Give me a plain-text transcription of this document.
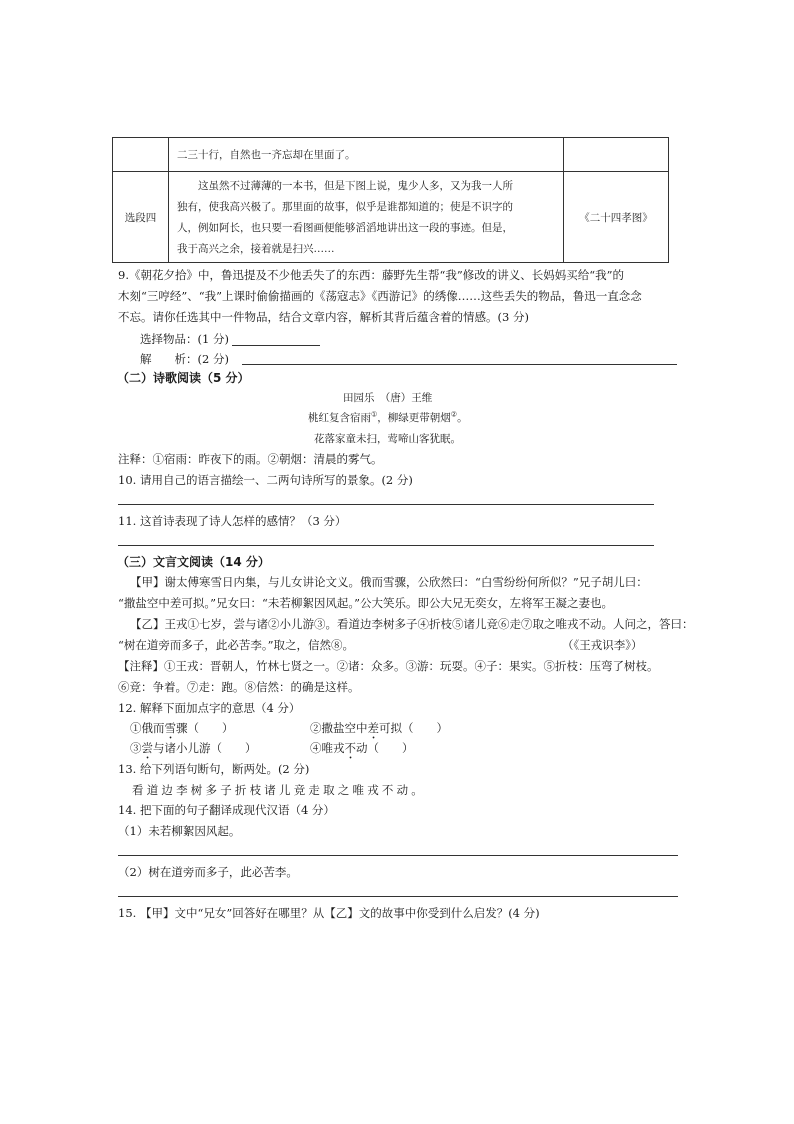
	二三十行，自然也一齐忘却在里面了。	

选段四	　　这虽然不过薄薄的一本书，但是下图上说，鬼少人多，又为我一人所
独有，使我高兴极了。那里面的故事，似乎是谁都知道的；使是不识字的
人，例如阿长，也只要一看图画便能够滔滔地讲出这一段的事迹。但是，
我于高兴之余，接着就是扫兴……	《二十四孝图》
9.《朝花夕拾》中，鲁迅提及不少他丢失了的东西：藤野先生帮“我”修改的讲义、长妈妈买给“我”的
木刻“三哼经”、“我”上课时偷偷描画的《荡寇志》《西游记》的绣像……这些丢失的物品，鲁迅一直念念
不忘。请你任选其中一件物品，结合文章内容，解析其背后蕴含着的情感。(3 分)
选择物品：(1 分)
解　　析：(2 分)
（二）诗歌阅读（5 分）
田园乐　（唐）王维
桃红复含宿雨①，柳绿更带朝烟②。
花落家童未扫，莺啼山客犹眠。
注释：①宿雨：昨夜下的雨。②朝烟：清晨的雾气。
10. 请用自己的语言描绘一、二两句诗所写的景象。(2 分)
11. 这首诗表现了诗人怎样的感情？（3 分）
（三）文言文阅读（14 分）
【甲】谢太傅寒雪日内集，与儿女讲论文义。俄而雪骤，公欣然曰：“白雪纷纷何所似？”兄子胡儿曰：
“撒盐空中差可拟。”兄女曰：“未若柳絮因风起。”公大笑乐。即公大兄无奕女，左将军王凝之妻也。
【乙】王戎①七岁，尝与诸②小儿游③。看道边李树多子④折枝⑤诸儿竞⑥走⑦取之唯戎不动。人问之，答曰：
“树在道旁而多子，此必苦李。”取之，信然⑧。	（《王戎识李》）
【注释】①王戎：晋朝人，竹林七贤之一。②诸：众多。③游：玩耍。④子：果实。⑤折枝：压弯了树枝。
⑥竞：争着。⑦走：跑。⑧信然：的确是这样。
12. 解释下面加点字的意思（4 分）
①俄而雪骤（　　）	②撒盐空中差可拟（　　）
③尝与诸小儿游（　　）	④唯戎不动（　　）
13. 给下列语句断句，断两处。(2 分)
看道边李树多子折枝诸儿竞走取之唯戎不动。
14. 把下面的句子翻译成现代汉语（4 分）
（1）未若柳絮因风起。
（2）树在道旁而多子，此必苦李。
15. 【甲】文中“兄女”回答好在哪里？从【乙】文的故事中你受到什么启发？(4 分)
